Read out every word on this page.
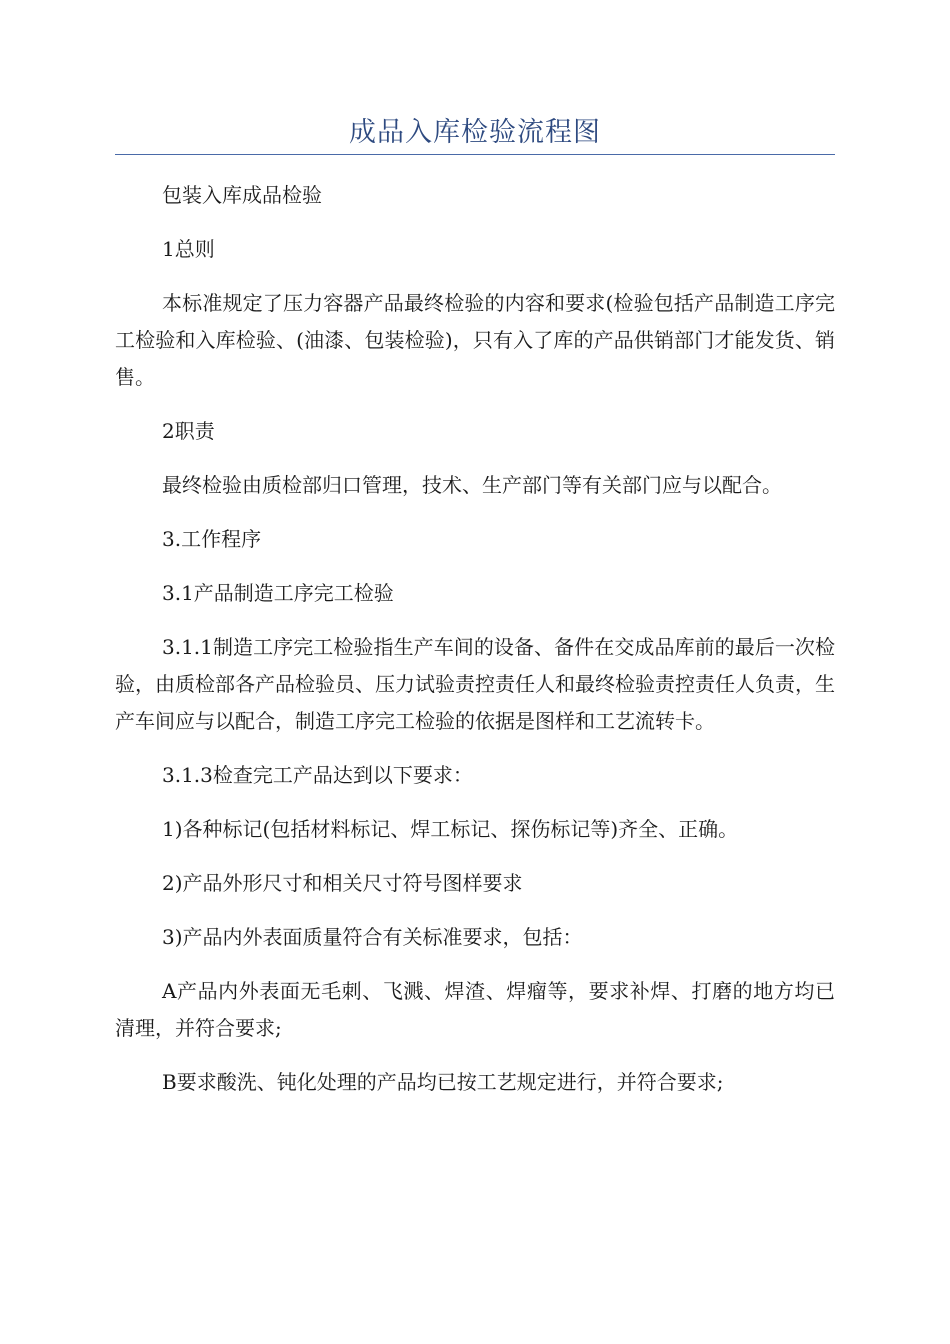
成品入库检验流程图

包装入库成品检验

1总则

本标准规定了压力容器产品最终检验的内容和要求(检验包括产品制造工序完工检验和入库检验、(油漆、包装检验)，只有入了库的产品供销部门才能发货、销售。

2职责

最终检验由质检部归口管理，技术、生产部门等有关部门应与以配合。

3.工作程序

3.1产品制造工序完工检验

3.1.1制造工序完工检验指生产车间的设备、备件在交成品库前的最后一次检验，由质检部各产品检验员、压力试验责控责任人和最终检验责控责任人负责，生产车间应与以配合，制造工序完工检验的依据是图样和工艺流转卡。

3.1.3检查完工产品达到以下要求：

1)各种标记(包括材料标记、焊工标记、探伤标记等)齐全、正确。

2)产品外形尺寸和相关尺寸符号图样要求

3)产品内外表面质量符合有关标准要求，包括：

A产品内外表面无毛刺、飞溅、焊渣、焊瘤等，要求补焊、打磨的地方均已清理，并符合要求;

B要求酸洗、钝化处理的产品均已按工艺规定进行，并符合要求;
